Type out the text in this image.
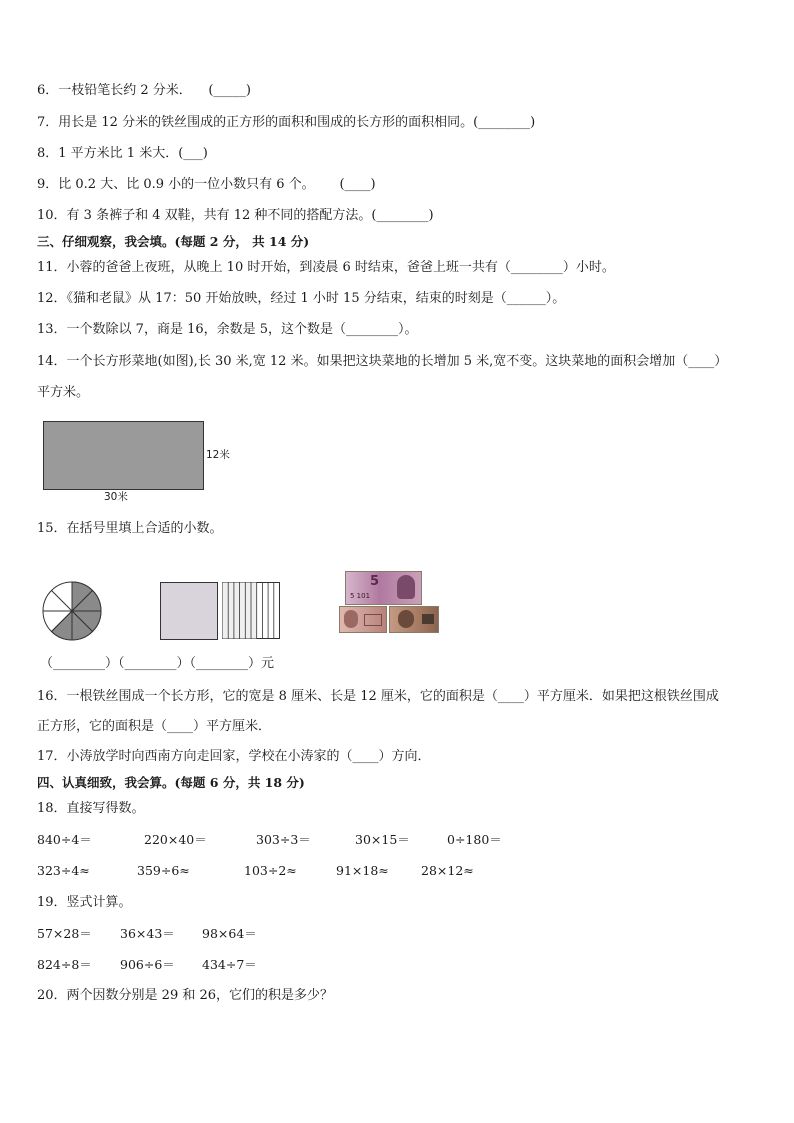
6．一枝铅笔长约 2 分米．    (_____)
7．用长是 12 分米的铁丝围成的正方形的面积和围成的长方形的面积相同。(________)
8．1 平方米比 1 米大．(___)
9．比 0.2 大、比 0.9 小的一位小数只有 6 个。      (____)
10．有 3 条裤子和 4 双鞋，共有 12 种不同的搭配方法。(________)
三、仔细观察，我会填。(每题 2 分， 共 14 分)
11．小蓉的爸爸上夜班，从晚上 10 时开始，到凌晨 6 时结束，爸爸上班一共有（________）小时。
12．《猫和老鼠》从 17：50 开始放映，经过 1 小时 15 分结束，结束的时刻是（______）。
13．一个数除以 7，商是 16，余数是 5，这个数是（________）。
14．一个长方形菜地(如图),长 30 米,宽 12 米。如果把这块菜地的长增加 5 米,宽不变。这块菜地的面积会增加（____）
平方米。
12米
30米
15．在括号里填上合适的小数。
5
5 101
（________）（________）（________）元
16．一根铁丝围成一个长方形，它的宽是 8 厘米、长是 12 厘米，它的面积是（____）平方厘米．如果把这根铁丝围成
正方形，它的面积是（____）平方厘米．
17．小涛放学时向西南方向走回家，学校在小涛家的（____）方向．
四、认真细致，我会算。(每题 6 分，共 18 分)
18．直接写得数。
840÷4＝	220×40＝	303÷3＝	30×15＝	0÷180＝
323÷4≈	359÷6≈	103÷2≈	91×18≈	28×12≈
19．竖式计算。
57×28＝ 36×43＝ 98×64＝
824÷8＝ 906÷6＝ 434÷7＝
20．两个因数分别是 29 和 26，它们的积是多少？
